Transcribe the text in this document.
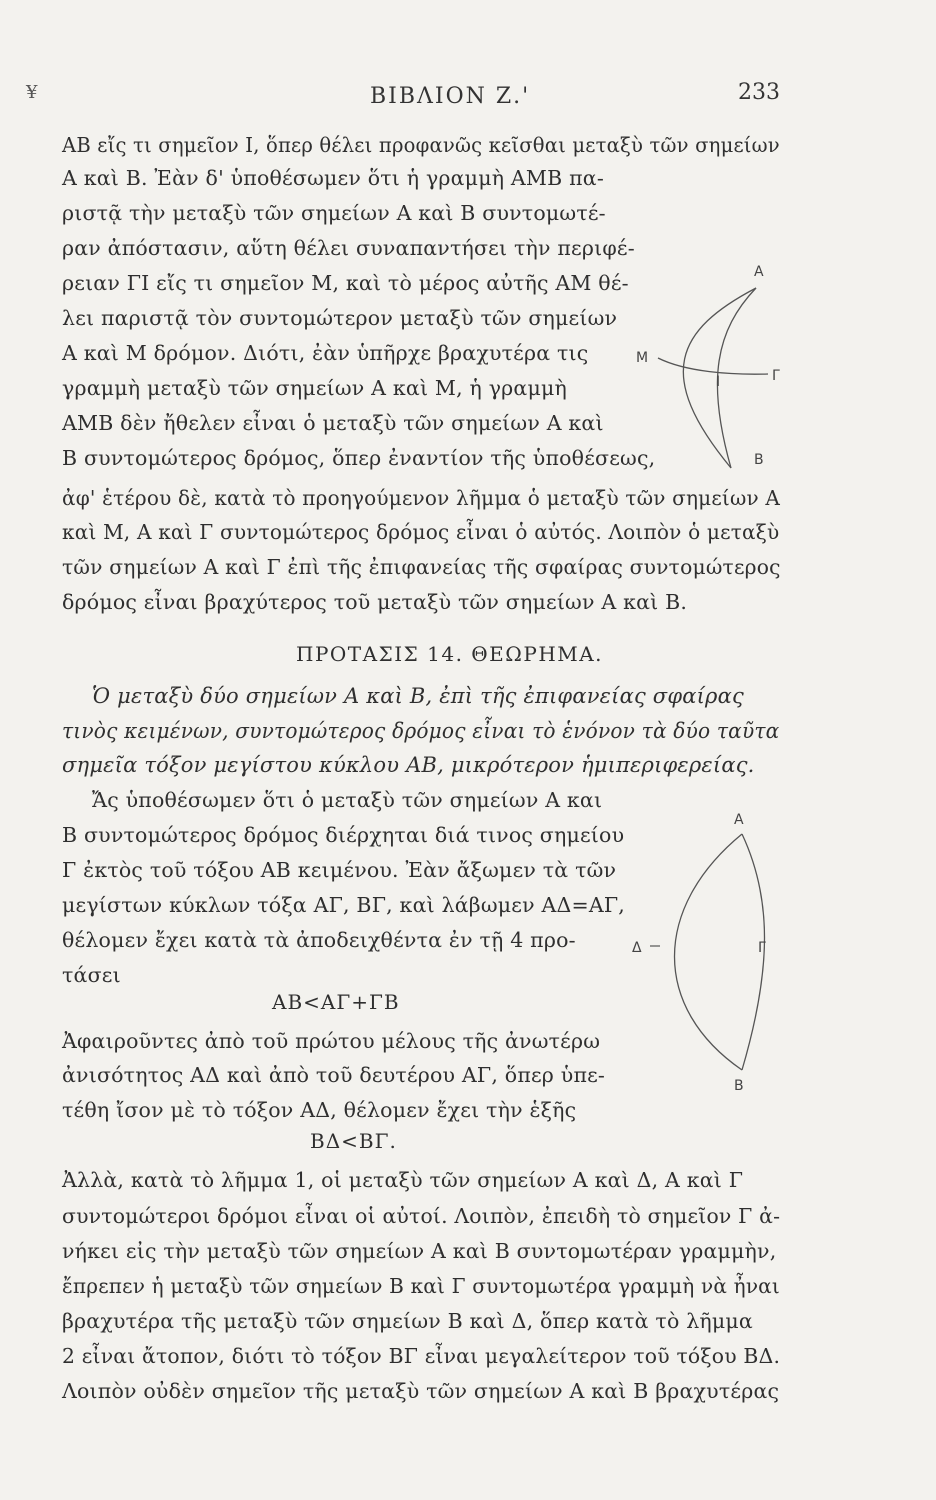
¥	ΒΙΒΛΙΟΝ Ζ.'	233
ΑΒ εἴς τι σημεῖον Ι, ὅπερ θέλει προφανῶς κεῖσθαι μεταξὺ τῶν σημείων
Α καὶ Β. Ἐὰν δ' ὑποθέσωμεν ὅτι ἡ γραμμὴ ΑΜΒ πα-
ριστᾷ τὴν μεταξὺ τῶν σημείων Α καὶ Β συντομωτέ-
ραν ἀπόστασιν, αὕτη θέλει συναπαντήσει τὴν περιφέ-
ρειαν ΓΙ εἴς τι σημεῖον Μ, καὶ τὸ μέρος αὐτῆς ΑΜ θέ-
λει παριστᾷ τὸν συντομώτερον μεταξὺ τῶν σημείων
Α καὶ Μ δρόμον. Διότι, ἐὰν ὑπῆρχε βραχυτέρα τις
γραμμὴ μεταξὺ τῶν σημείων Α καὶ Μ, ἡ γραμμὴ
ΑΜΒ δὲν ἤθελεν εἶναι ὁ μεταξὺ τῶν σημείων Α καὶ
Β συντομώτερος δρόμος, ὅπερ ἐναντίον τῆς ὑποθέσεως,
ἀφ' ἑτέρου δὲ, κατὰ τὸ προηγούμενον λῆμμα ὁ μεταξὺ τῶν σημείων Α
καὶ Μ, Α καὶ Γ συντομώτερος δρόμος εἶναι ὁ αὐτός. Λοιπὸν ὁ μεταξὺ
τῶν σημείων Α καὶ Γ ἐπὶ τῆς ἐπιφανείας τῆς σφαίρας συντομώτερος
δρόμος εἶναι βραχύτερος τοῦ μεταξὺ τῶν σημείων Α καὶ Β.
Α
Μ
Ι	Γ
Β
ΠΡΟΤΑΣΙΣ 14. ΘΕΩΡΗΜΑ.
Ὁ μεταξὺ δύο σημείων Α καὶ Β, ἐπὶ τῆς ἐπιφανείας σφαίρας
τινὸς κειμένων, συντομώτερος δρόμος εἶναι τὸ ἑνόνον τὰ δύο ταῦτα
σημεῖα τόξον μεγίστου κύκλου ΑΒ, μικρότερον ἡμιπεριφερείας.
Ἄς ὑποθέσωμεν ὅτι ὁ μεταξὺ τῶν σημείων Α και
Β συντομώτερος δρόμος διέρχηται διά τινος σημείου
Γ ἐκτὸς τοῦ τόξου ΑΒ κειμένου. Ἐὰν ἄξωμεν τὰ τῶν
μεγίστων κύκλων τόξα ΑΓ, ΒΓ, καὶ λάβωμεν ΑΔ=ΑΓ,
θέλομεν ἔχει κατὰ τὰ ἀποδειχθέντα ἐν τῇ 4 προ-
τάσει
ΑΒ<ΑΓ+ΓΒ
Ἀφαιροῦντες ἀπὸ τοῦ πρώτου μέλους τῆς ἀνωτέρω
ἀνισότητος ΑΔ καὶ ἀπὸ τοῦ δευτέρου ΑΓ, ὅπερ ὑπε-
τέθη ἴσον μὲ τὸ τόξον ΑΔ, θέλομεν ἔχει τὴν ἑξῆς
ΒΔ<ΒΓ.
Α
Δ	Γ
Β
Ἀλλὰ, κατὰ τὸ λῆμμα 1, οἱ μεταξὺ τῶν σημείων Α καὶ Δ, Α καὶ Γ
συντομώτεροι δρόμοι εἶναι οἱ αὐτοί. Λοιπὸν, ἐπειδὴ τὸ σημεῖον Γ ἀ-
νήκει εἰς τὴν μεταξὺ τῶν σημείων Α καὶ Β συντομωτέραν γραμμὴν,
ἔπρεπεν ἡ μεταξὺ τῶν σημείων Β καὶ Γ συντομωτέρα γραμμὴ νὰ ἦναι
βραχυτέρα τῆς μεταξὺ τῶν σημείων Β καὶ Δ, ὅπερ κατὰ τὸ λῆμμα
2 εἶναι ἄτοπον, διότι τὸ τόξον ΒΓ εἶναι μεγαλείτερον τοῦ τόξου ΒΔ.
Λοιπὸν οὐδὲν σημεῖον τῆς μεταξὺ τῶν σημείων Α καὶ Β βραχυτέρας
